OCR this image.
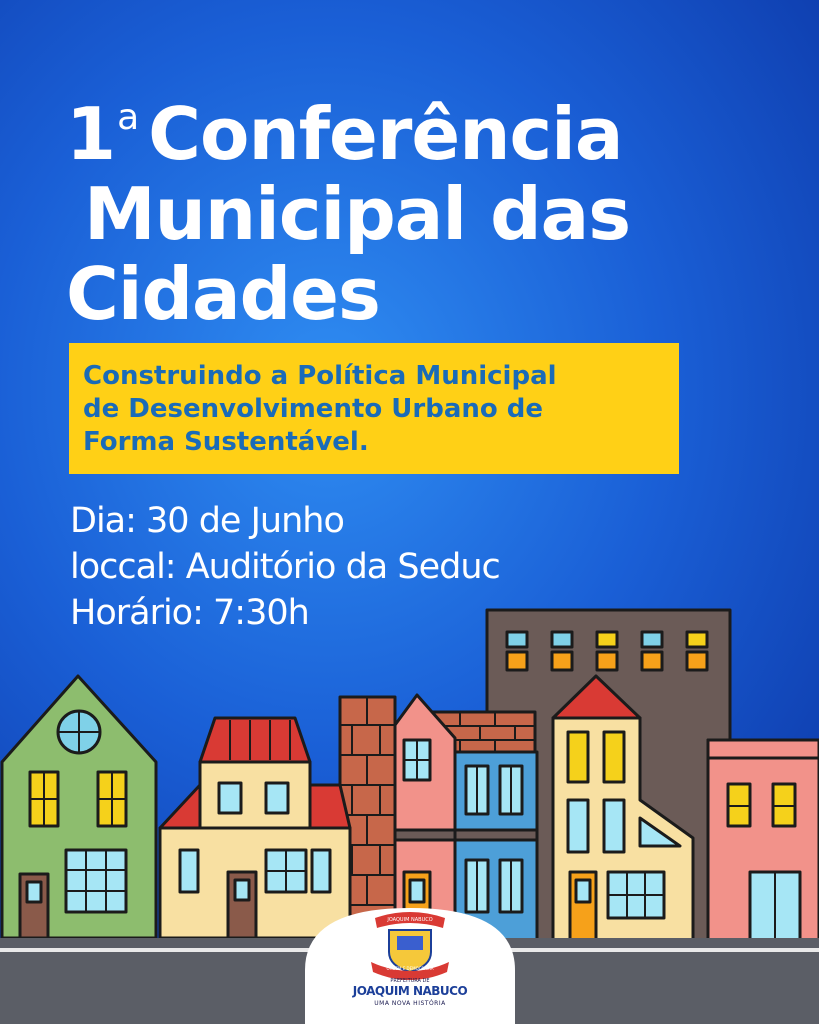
1$^a$ Conferência
Municipal das
Cidades

Construindo a Política Municipal
de Desenvolvimento Urbano de
Forma Sustentável.

Dia: 30 de Junho
loccal: Auditório da Seduc
Horário: 7:30h
JOAQUIM NABUCO
ORDEM E DEMOCRACIA
PREFEITURA DE
JOAQUIM NABUCO
UMA NOVA HISTÓRIA
